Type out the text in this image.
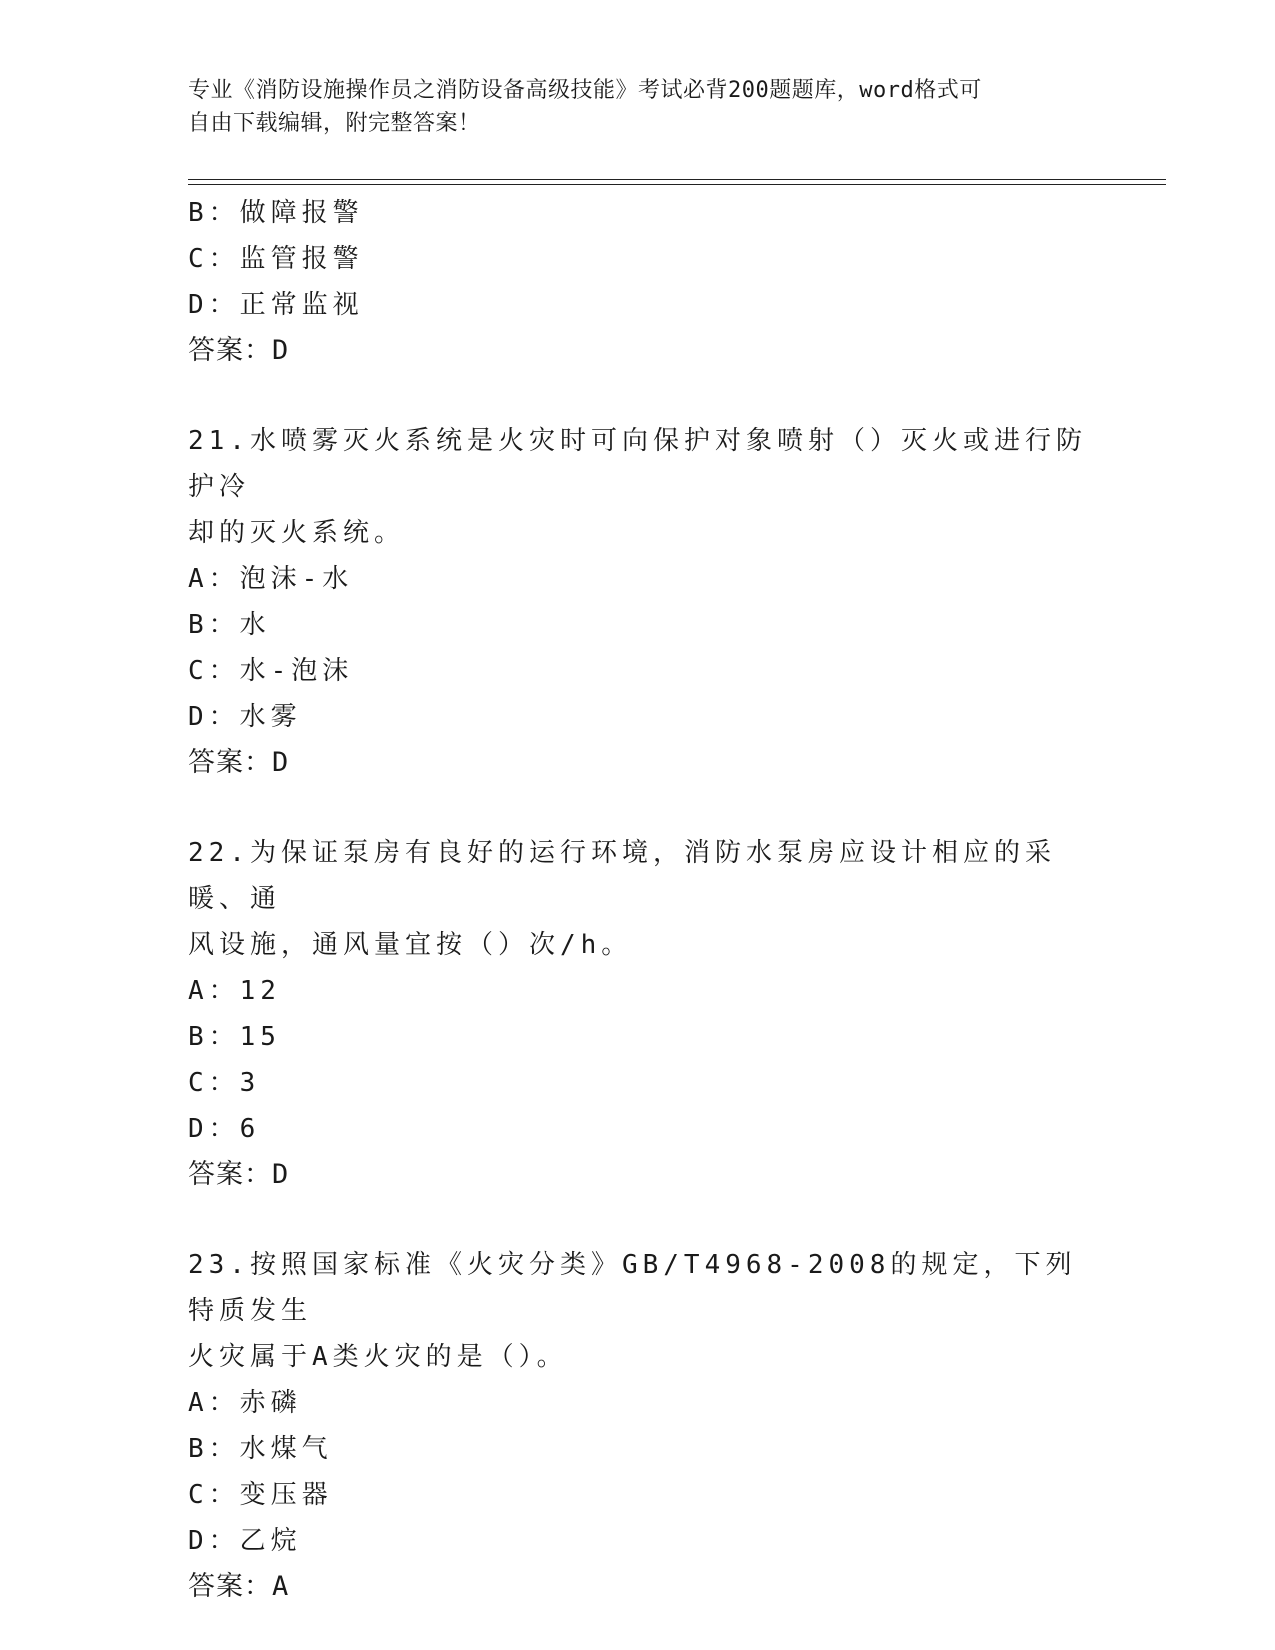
专业《消防设施操作员之消防设备高级技能》考试必背200题题库，word格式可
自由下载编辑，附完整答案！
B：做障报警
C：监管报警
D：正常监视
答案：D
21.水喷雾灭火系统是火灾时可向保护对象喷射（）灭火或进行防护冷
却的灭火系统。
A：泡沫-水
B：水
C：水-泡沫
D：水雾
答案：D
22.为保证泵房有良好的运行环境，消防水泵房应设计相应的采暖、通
风设施，通风量宜按（）次/h。
A：12
B：15
C：3
D：6
答案：D
23.按照国家标准《火灾分类》GB/T4968-2008的规定，下列特质发生
火灾属于A类火灾的是（）。
A：赤磷
B：水煤气
C：变压器
D：乙烷
答案：A
